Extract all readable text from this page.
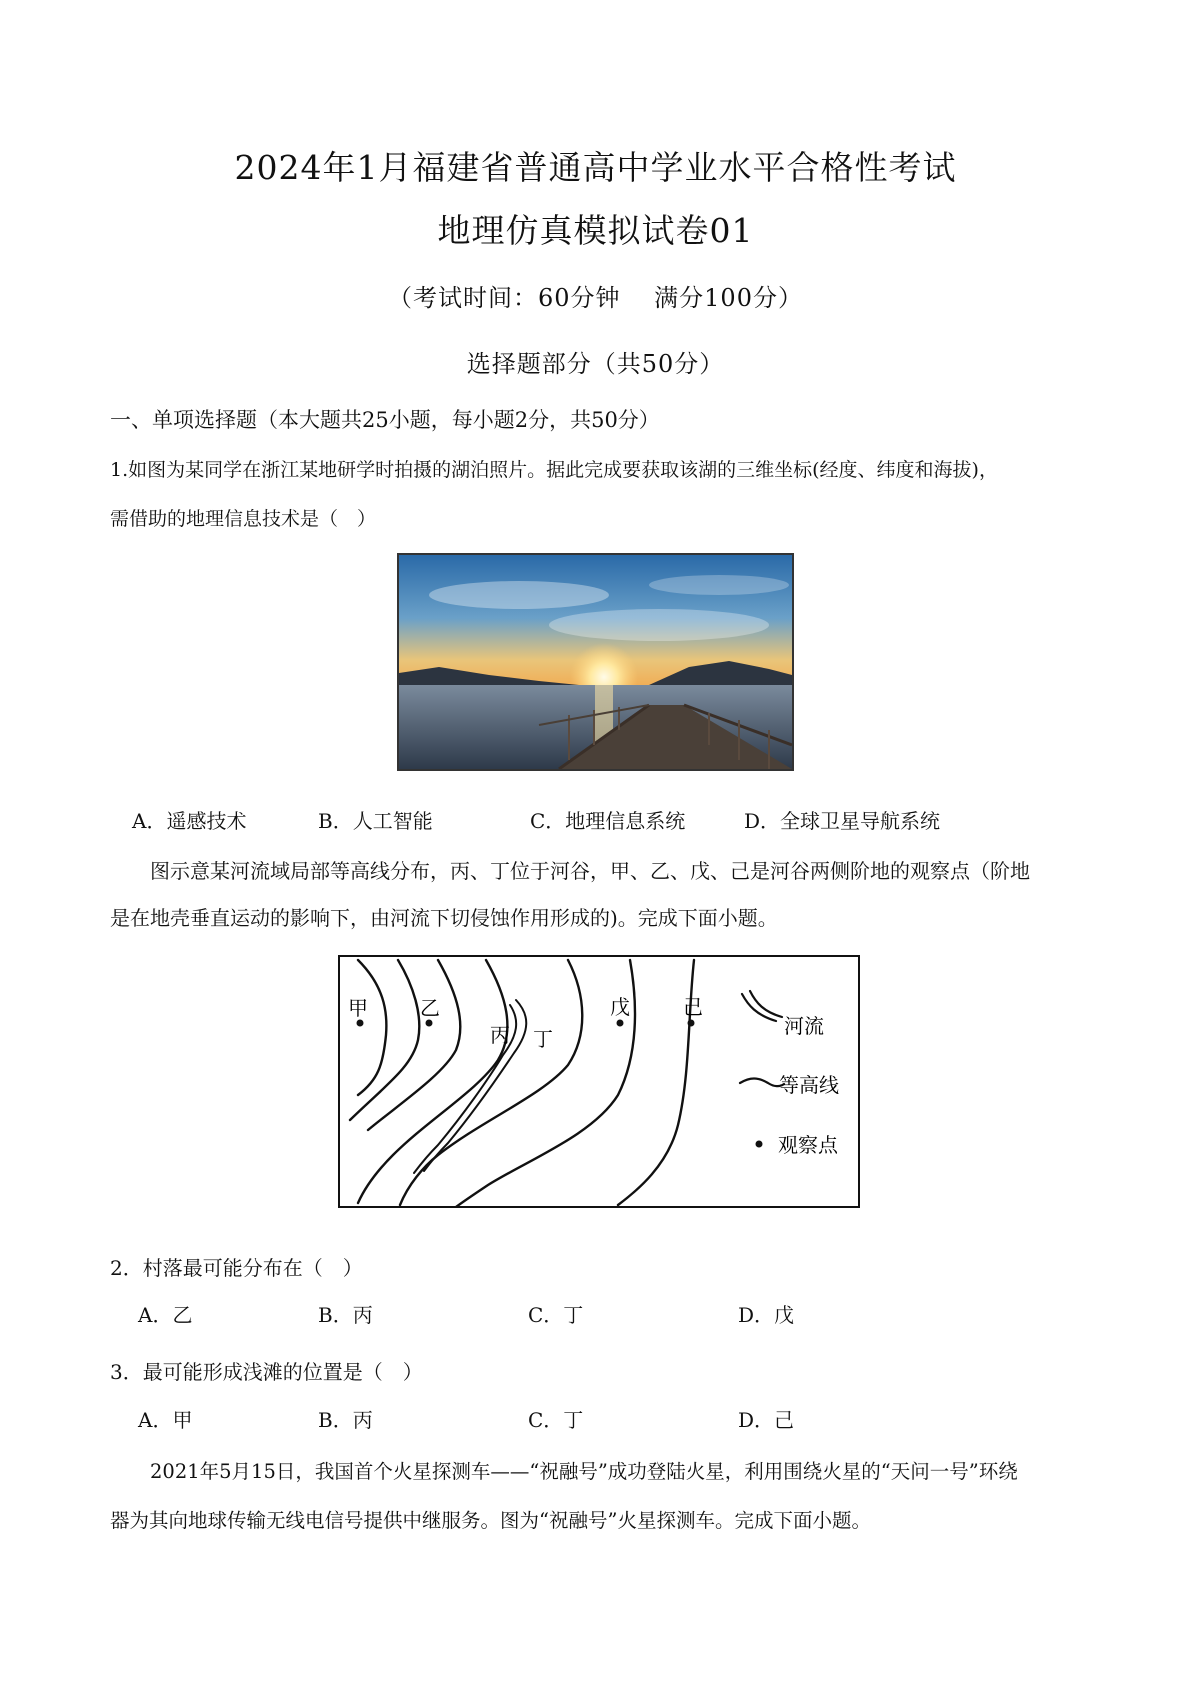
2024年1月福建省普通高中学业水平合格性考试
地理仿真模拟试卷01
（考试时间：60分钟　 满分100分）
选择题部分（共50分）
一、单项选择题（本大题共25小题，每小题2分，共50分）
1.如图为某同学在浙江某地研学时拍摄的湖泊照片。据此完成要获取该湖的三维坐标(经度、纬度和海拔)，
需借助的地理信息技术是（　）
A．遥感技术	B．人工智能	C．地理信息系统	D．全球卫星导航系统
图示意某河流域局部等高线分布，丙、丁位于河谷，甲、乙、戊、己是河谷两侧阶地的观察点（阶地
是在地壳垂直运动的影响下，由河流下切侵蚀作用形成的)。完成下面小题。
甲	乙
丙 丁
戊	己
河流
等高线
观察点
2．村落最可能分布在（　）
A．乙	B．丙	C．丁	D．戊
3．最可能形成浅滩的位置是（　）
A．甲	B．丙	C．丁	D．己
2021年5月15日，我国首个火星探测车——“祝融号”成功登陆火星，利用围绕火星的“天问一号”环绕
器为其向地球传输无线电信号提供中继服务。图为“祝融号”火星探测车。完成下面小题。
